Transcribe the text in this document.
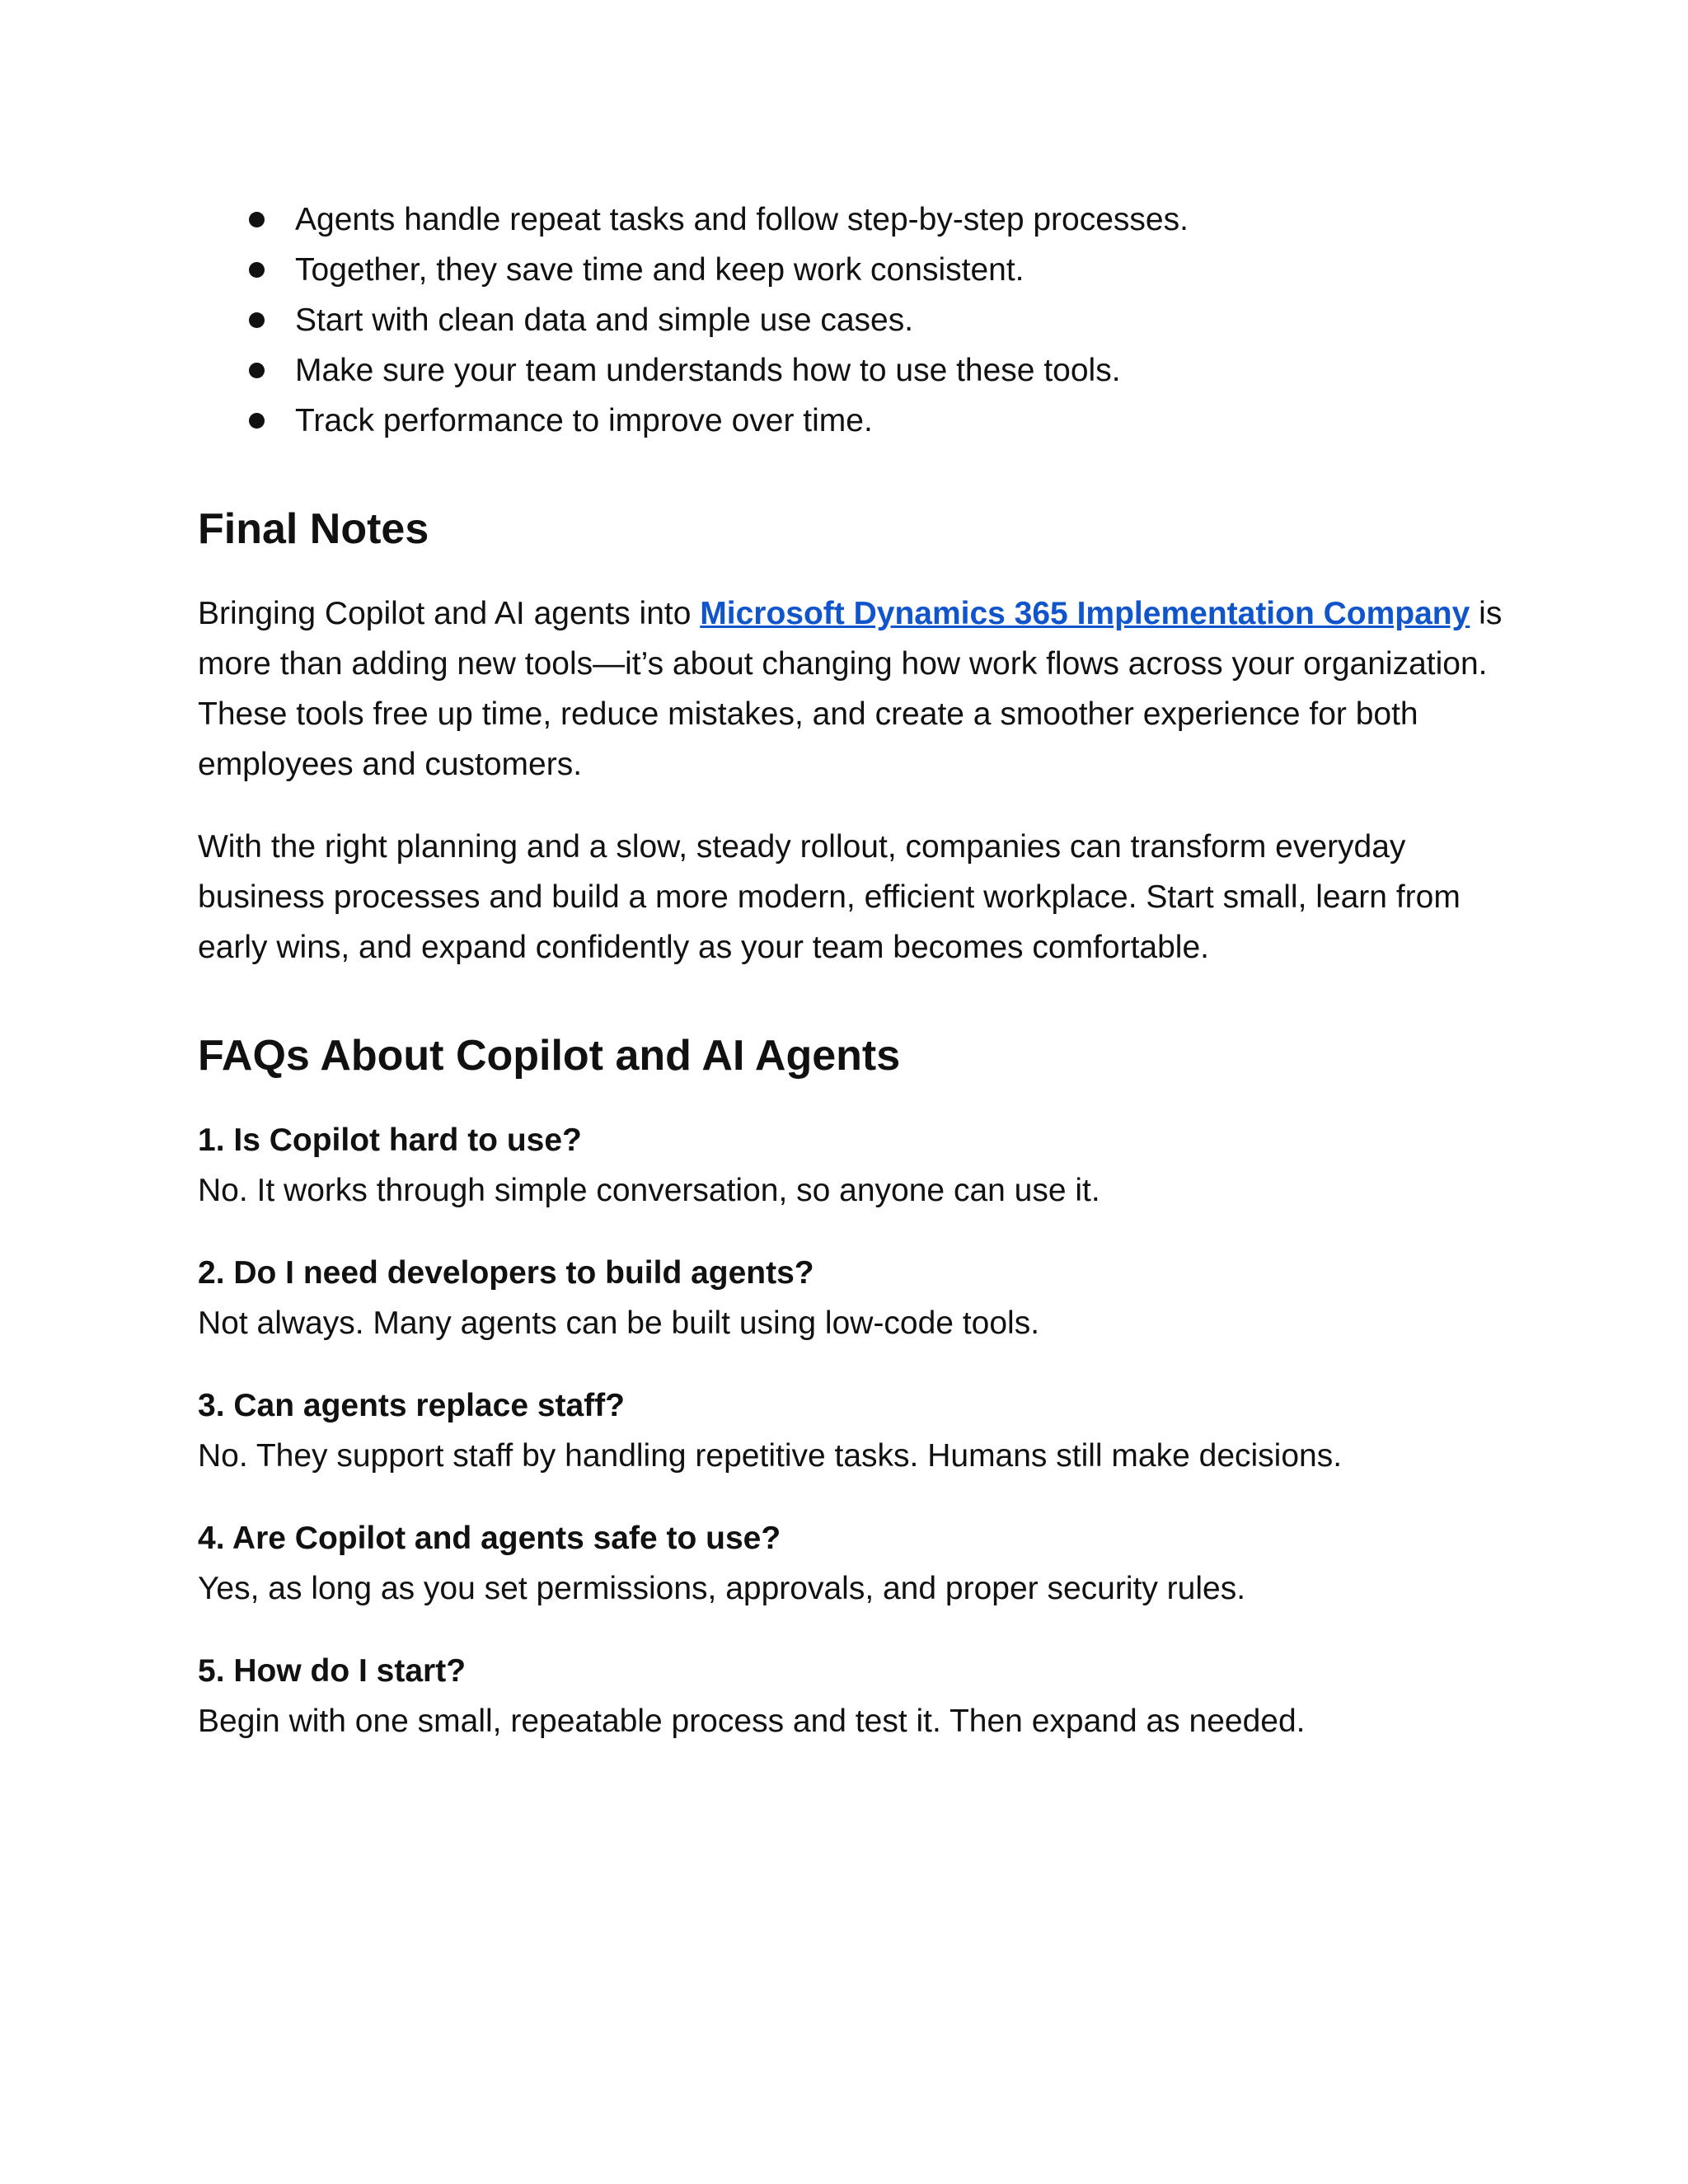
Agents handle repeat tasks and follow step-by-step processes.
Together, they save time and keep work consistent.
Start with clean data and simple use cases.
Make sure your team understands how to use these tools.
Track performance to improve over time.
Final Notes

Bringing Copilot and AI agents into Microsoft Dynamics 365 Implementation Company is more than adding new tools—it’s about changing how work flows across your organization. These tools free up time, reduce mistakes, and create a smoother experience for both employees and customers.

With the right planning and a slow, steady rollout, companies can transform everyday business processes and build a more modern, efficient workplace. Start small, learn from early wins, and expand confidently as your team becomes comfortable.

FAQs About Copilot and AI Agents
1. Is Copilot hard to use?
No. It works through simple conversation, so anyone can use it.
2. Do I need developers to build agents?
Not always. Many agents can be built using low-code tools.
3. Can agents replace staff?
No. They support staff by handling repetitive tasks. Humans still make decisions.
4. Are Copilot and agents safe to use?
Yes, as long as you set permissions, approvals, and proper security rules.
5. How do I start?
Begin with one small, repeatable process and test it. Then expand as needed.
